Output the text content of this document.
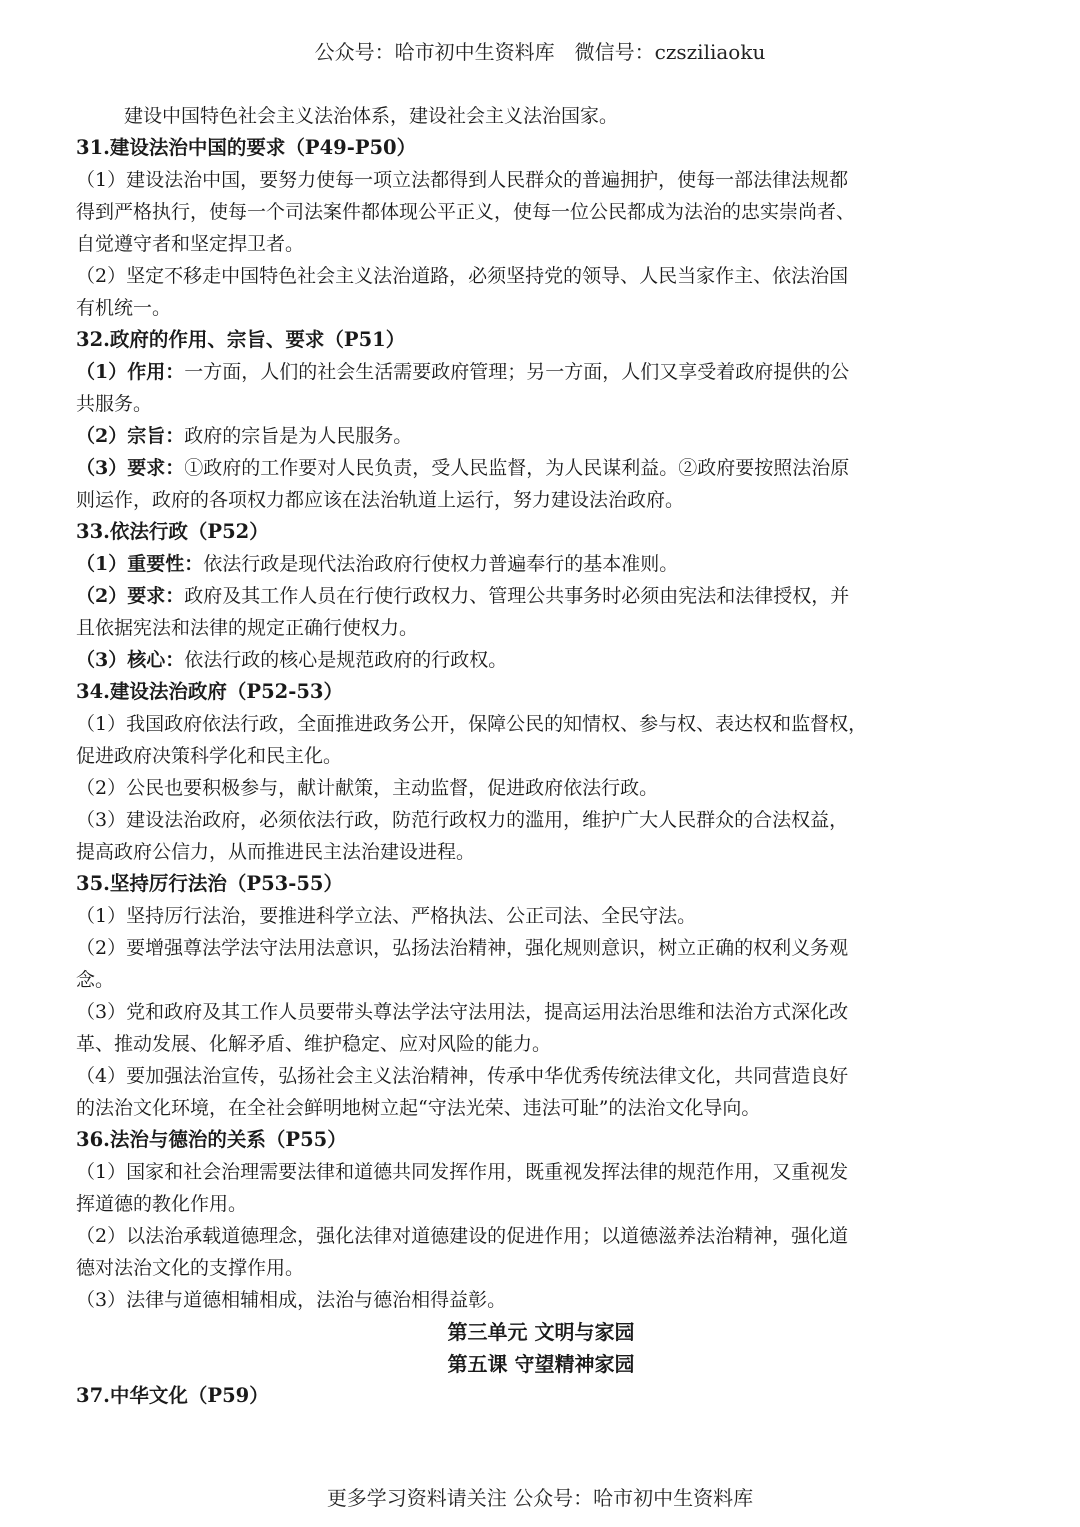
公众号：哈市初中生资料库　微信号：czsziliaoku
建设中国特色社会主义法治体系，建设社会主义法治国家。
31.建设法治中国的要求（P49-P50）
（1）建设法治中国，要努力使每一项立法都得到人民群众的普遍拥护，使每一部法律法规都
得到严格执行，使每一个司法案件都体现公平正义，使每一位公民都成为法治的忠实崇尚者、
自觉遵守者和坚定捍卫者。
（2）坚定不移走中国特色社会主义法治道路，必须坚持党的领导、人民当家作主、依法治国
有机统一。
32.政府的作用、宗旨、要求（P51）
（1）作用：一方面，人们的社会生活需要政府管理；另一方面，人们又享受着政府提供的公
共服务。
（2）宗旨：政府的宗旨是为人民服务。
（3）要求：①政府的工作要对人民负责，受人民监督，为人民谋利益。②政府要按照法治原
则运作，政府的各项权力都应该在法治轨道上运行，努力建设法治政府。
33.依法行政（P52）
（1）重要性：依法行政是现代法治政府行使权力普遍奉行的基本准则。
（2）要求：政府及其工作人员在行使行政权力、管理公共事务时必须由宪法和法律授权，并
且依据宪法和法律的规定正确行使权力。
（3）核心：依法行政的核心是规范政府的行政权。
34.建设法治政府（P52-53）
（1）我国政府依法行政，全面推进政务公开，保障公民的知情权、参与权、表达权和监督权，
促进政府决策科学化和民主化。
（2）公民也要积极参与，献计献策，主动监督，促进政府依法行政。
（3）建设法治政府，必须依法行政，防范行政权力的滥用，维护广大人民群众的合法权益，
提高政府公信力，从而推进民主法治建设进程。
35.坚持厉行法治（P53-55）
（1）坚持厉行法治，要推进科学立法、严格执法、公正司法、全民守法。
（2）要增强尊法学法守法用法意识，弘扬法治精神，强化规则意识，树立正确的权利义务观
念。
（3）党和政府及其工作人员要带头尊法学法守法用法，提高运用法治思维和法治方式深化改
革、推动发展、化解矛盾、维护稳定、应对风险的能力。
（4）要加强法治宣传，弘扬社会主义法治精神，传承中华优秀传统法律文化，共同营造良好
的法治文化环境，在全社会鲜明地树立起“守法光荣、违法可耻”的法治文化导向。
36.法治与德治的关系（P55）
（1）国家和社会治理需要法律和道德共同发挥作用，既重视发挥法律的规范作用，又重视发
挥道德的教化作用。
（2）以法治承载道德理念，强化法律对道德建设的促进作用；以道德滋养法治精神，强化道
德对法治文化的支撑作用。
（3）法律与道德相辅相成，法治与德治相得益彰。
第三单元 文明与家园
第五课 守望精神家园
37.中华文化（P59）
更多学习资料请关注 公众号：哈市初中生资料库
